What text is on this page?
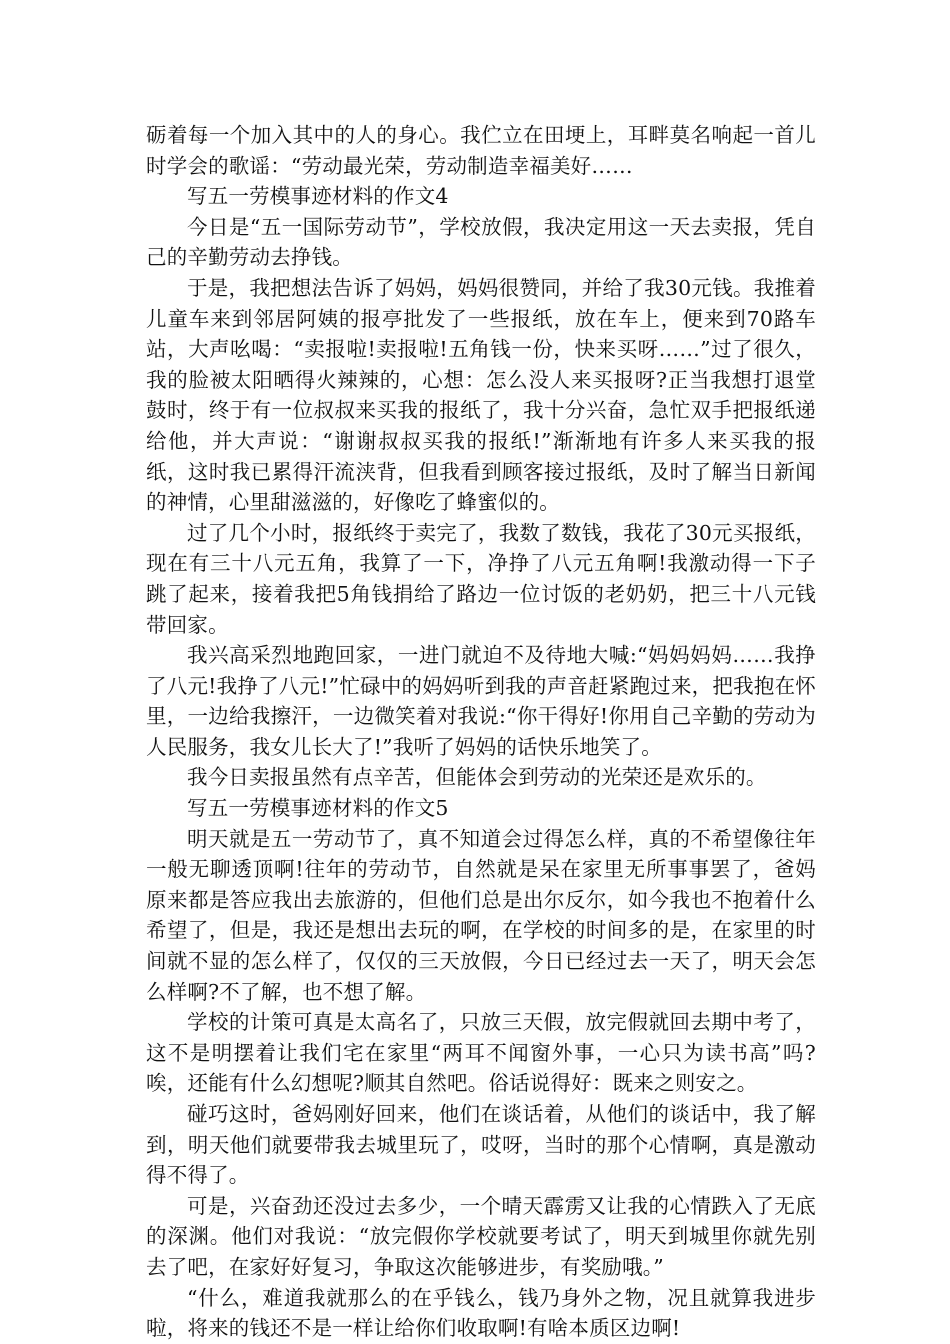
砺着每一个加入其中的人的身心。我伫立在田埂上，耳畔莫名响起一首儿时学会的歌谣：“劳动最光荣，劳动制造幸福美好……

写五一劳模事迹材料的作文4

今日是“五一国际劳动节”，学校放假，我决定用这一天去卖报，凭自己的辛勤劳动去挣钱。

于是，我把想法告诉了妈妈，妈妈很赞同，并给了我30元钱。我推着儿童车来到邻居阿姨的报亭批发了一些报纸，放在车上，便来到70路车站，大声吆喝：“卖报啦!卖报啦!五角钱一份，快来买呀……”过了很久，我的脸被太阳晒得火辣辣的，心想：怎么没人来买报呀?正当我想打退堂鼓时，终于有一位叔叔来买我的报纸了，我十分兴奋，急忙双手把报纸递给他，并大声说：“谢谢叔叔买我的报纸!”渐渐地有许多人来买我的报纸，这时我已累得汗流浃背，但我看到顾客接过报纸，及时了解当日新闻的神情，心里甜滋滋的，好像吃了蜂蜜似的。

过了几个小时，报纸终于卖完了，我数了数钱，我花了30元买报纸，现在有三十八元五角，我算了一下，净挣了八元五角啊!我激动得一下子跳了起来，接着我把5角钱捐给了路边一位讨饭的老奶奶，把三十八元钱带回家。

我兴高采烈地跑回家，一进门就迫不及待地大喊:“妈妈妈妈……我挣了八元!我挣了八元!”忙碌中的妈妈听到我的声音赶紧跑过来，把我抱在怀里，一边给我擦汗，一边微笑着对我说:“你干得好!你用自己辛勤的劳动为人民服务，我女儿长大了!”我听了妈妈的话快乐地笑了。

我今日卖报虽然有点辛苦，但能体会到劳动的光荣还是欢乐的。

写五一劳模事迹材料的作文5

明天就是五一劳动节了，真不知道会过得怎么样，真的不希望像往年一般无聊透顶啊!往年的劳动节，自然就是呆在家里无所事事罢了，爸妈原来都是答应我出去旅游的，但他们总是出尔反尔，如今我也不抱着什么希望了，但是，我还是想出去玩的啊，在学校的时间多的是，在家里的时间就不显的怎么样了，仅仅的三天放假，今日已经过去一天了，明天会怎么样啊?不了解，也不想了解。

学校的计策可真是太高名了，只放三天假，放完假就回去期中考了，这不是明摆着让我们宅在家里“两耳不闻窗外事，一心只为读书高”吗?唉，还能有什么幻想呢?顺其自然吧。俗话说得好：既来之则安之。

碰巧这时，爸妈刚好回来，他们在谈话着，从他们的谈话中，我了解到，明天他们就要带我去城里玩了，哎呀，当时的那个心情啊，真是激动得不得了。

可是，兴奋劲还没过去多少，一个晴天霹雳又让我的心情跌入了无底的深渊。他们对我说：“放完假你学校就要考试了，明天到城里你就先别去了吧，在家好好复习，争取这次能够进步，有奖励哦。”

“什么，难道我就那么的在乎钱么，钱乃身外之物，况且就算我进步啦，将来的钱还不是一样让给你们收取啊!有啥本质区边啊!
